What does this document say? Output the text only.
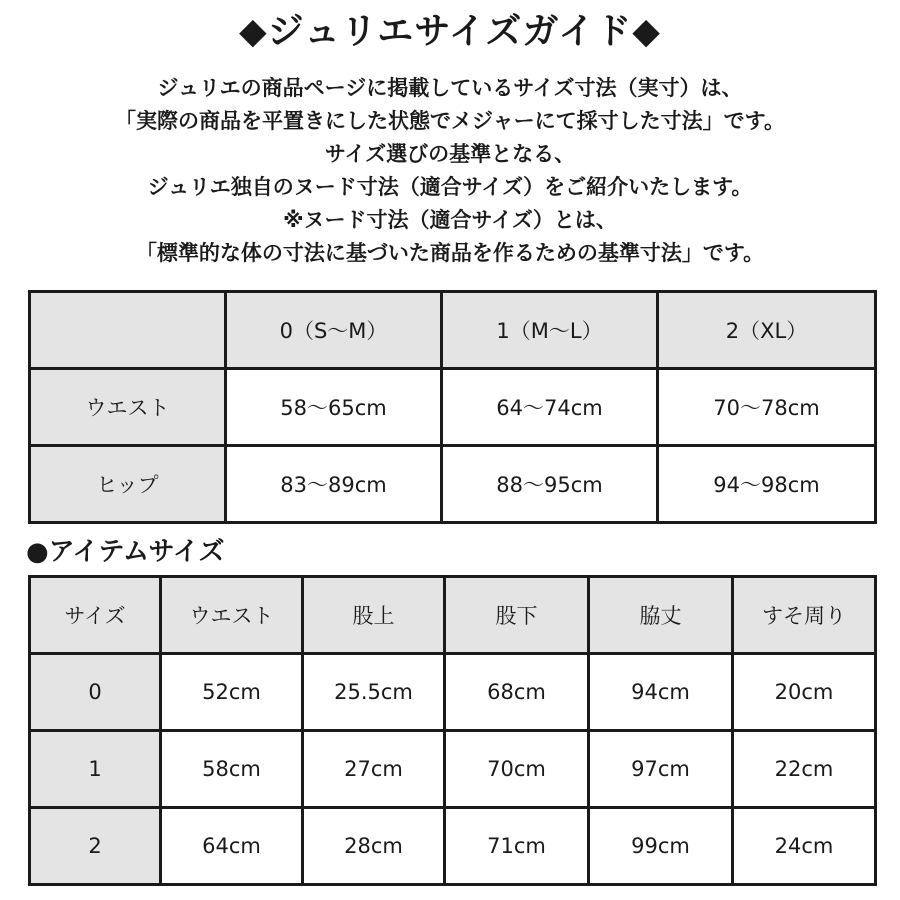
◆ジュリエサイズガイド◆
ジュリエの商品ページに掲載しているサイズ寸法（実寸）は、
「実際の商品を平置きにした状態でメジャーにて採寸した寸法」です。
サイズ選びの基準となる、
ジュリエ独自のヌード寸法（適合サイズ）をご紹介いたします。
※ヌード寸法（適合サイズ）とは、
「標準的な体の寸法に基づいた商品を作るための基準寸法」です。
	0（S～M）	1（M～L）	2（XL）
ウエスト	58～65cm	64～74cm	70～78cm
ヒップ	83～89cm	88～95cm	94～98cm
●アイテムサイズ
サイズ	ウエスト	股上	股下	脇丈	すそ周り
0	52cm	25.5cm	68cm	94cm	20cm
1	58cm	27cm	70cm	97cm	22cm
2	64cm	28cm	71cm	99cm	24cm
